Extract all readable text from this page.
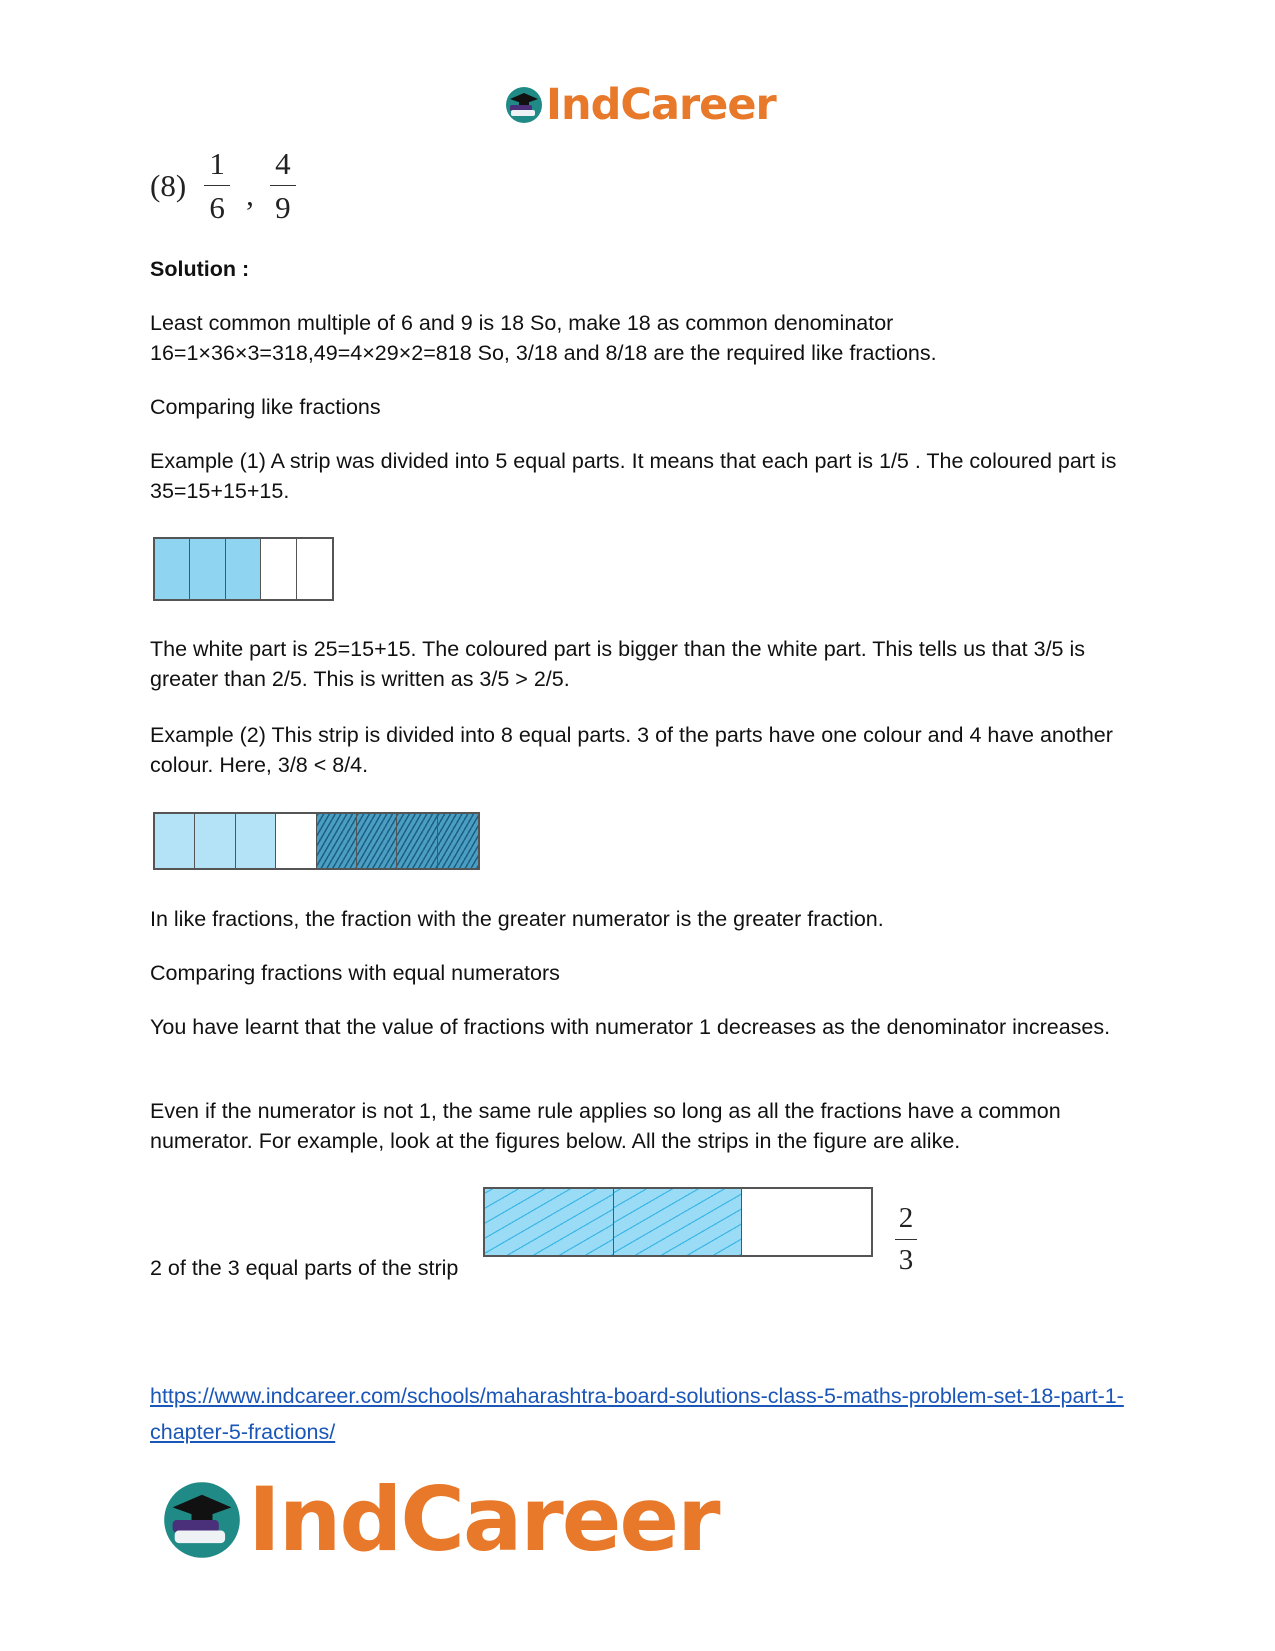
IndCareer
$(8) \frac{1}{6}$ , $\frac{4}{9}$

Solution :

Least common multiple of 6 and 9 is 18 So, make 18 as common denominator

16=1×36×3=318,49=4×29×2=818 So, 3/18 and 8/18 are the required like fractions.

Comparing like fractions

Example (1) A strip was divided into 5 equal parts. It means that each part is 1/5 . The coloured part is 35=15+15+15.

The white part is 25=15+15. The coloured part is bigger than the white part. This tells us that 3/5 is greater than 2/5. This is written as 3/5 > 2/5.

Example (2) This strip is divided into 8 equal parts. 3 of the parts have one colour and 4 have another colour. Here, 3/8 < 8/4.

In like fractions, the fraction with the greater numerator is the greater fraction.

Comparing fractions with equal numerators

You have learnt that the value of fractions with numerator 1 decreases as the denominator increases.

Even if the numerator is not 1, the same rule applies so long as all the fractions have a common numerator. For example, look at the figures below. All the strips in the figure are alike.

2 of the 3 equal parts of the strip
2
3
https://www.indcareer.com/schools/maharashtra-board-solutions-class-5-maths-problem-set-18-part-1-chapter-5-fractions/
IndCareer
